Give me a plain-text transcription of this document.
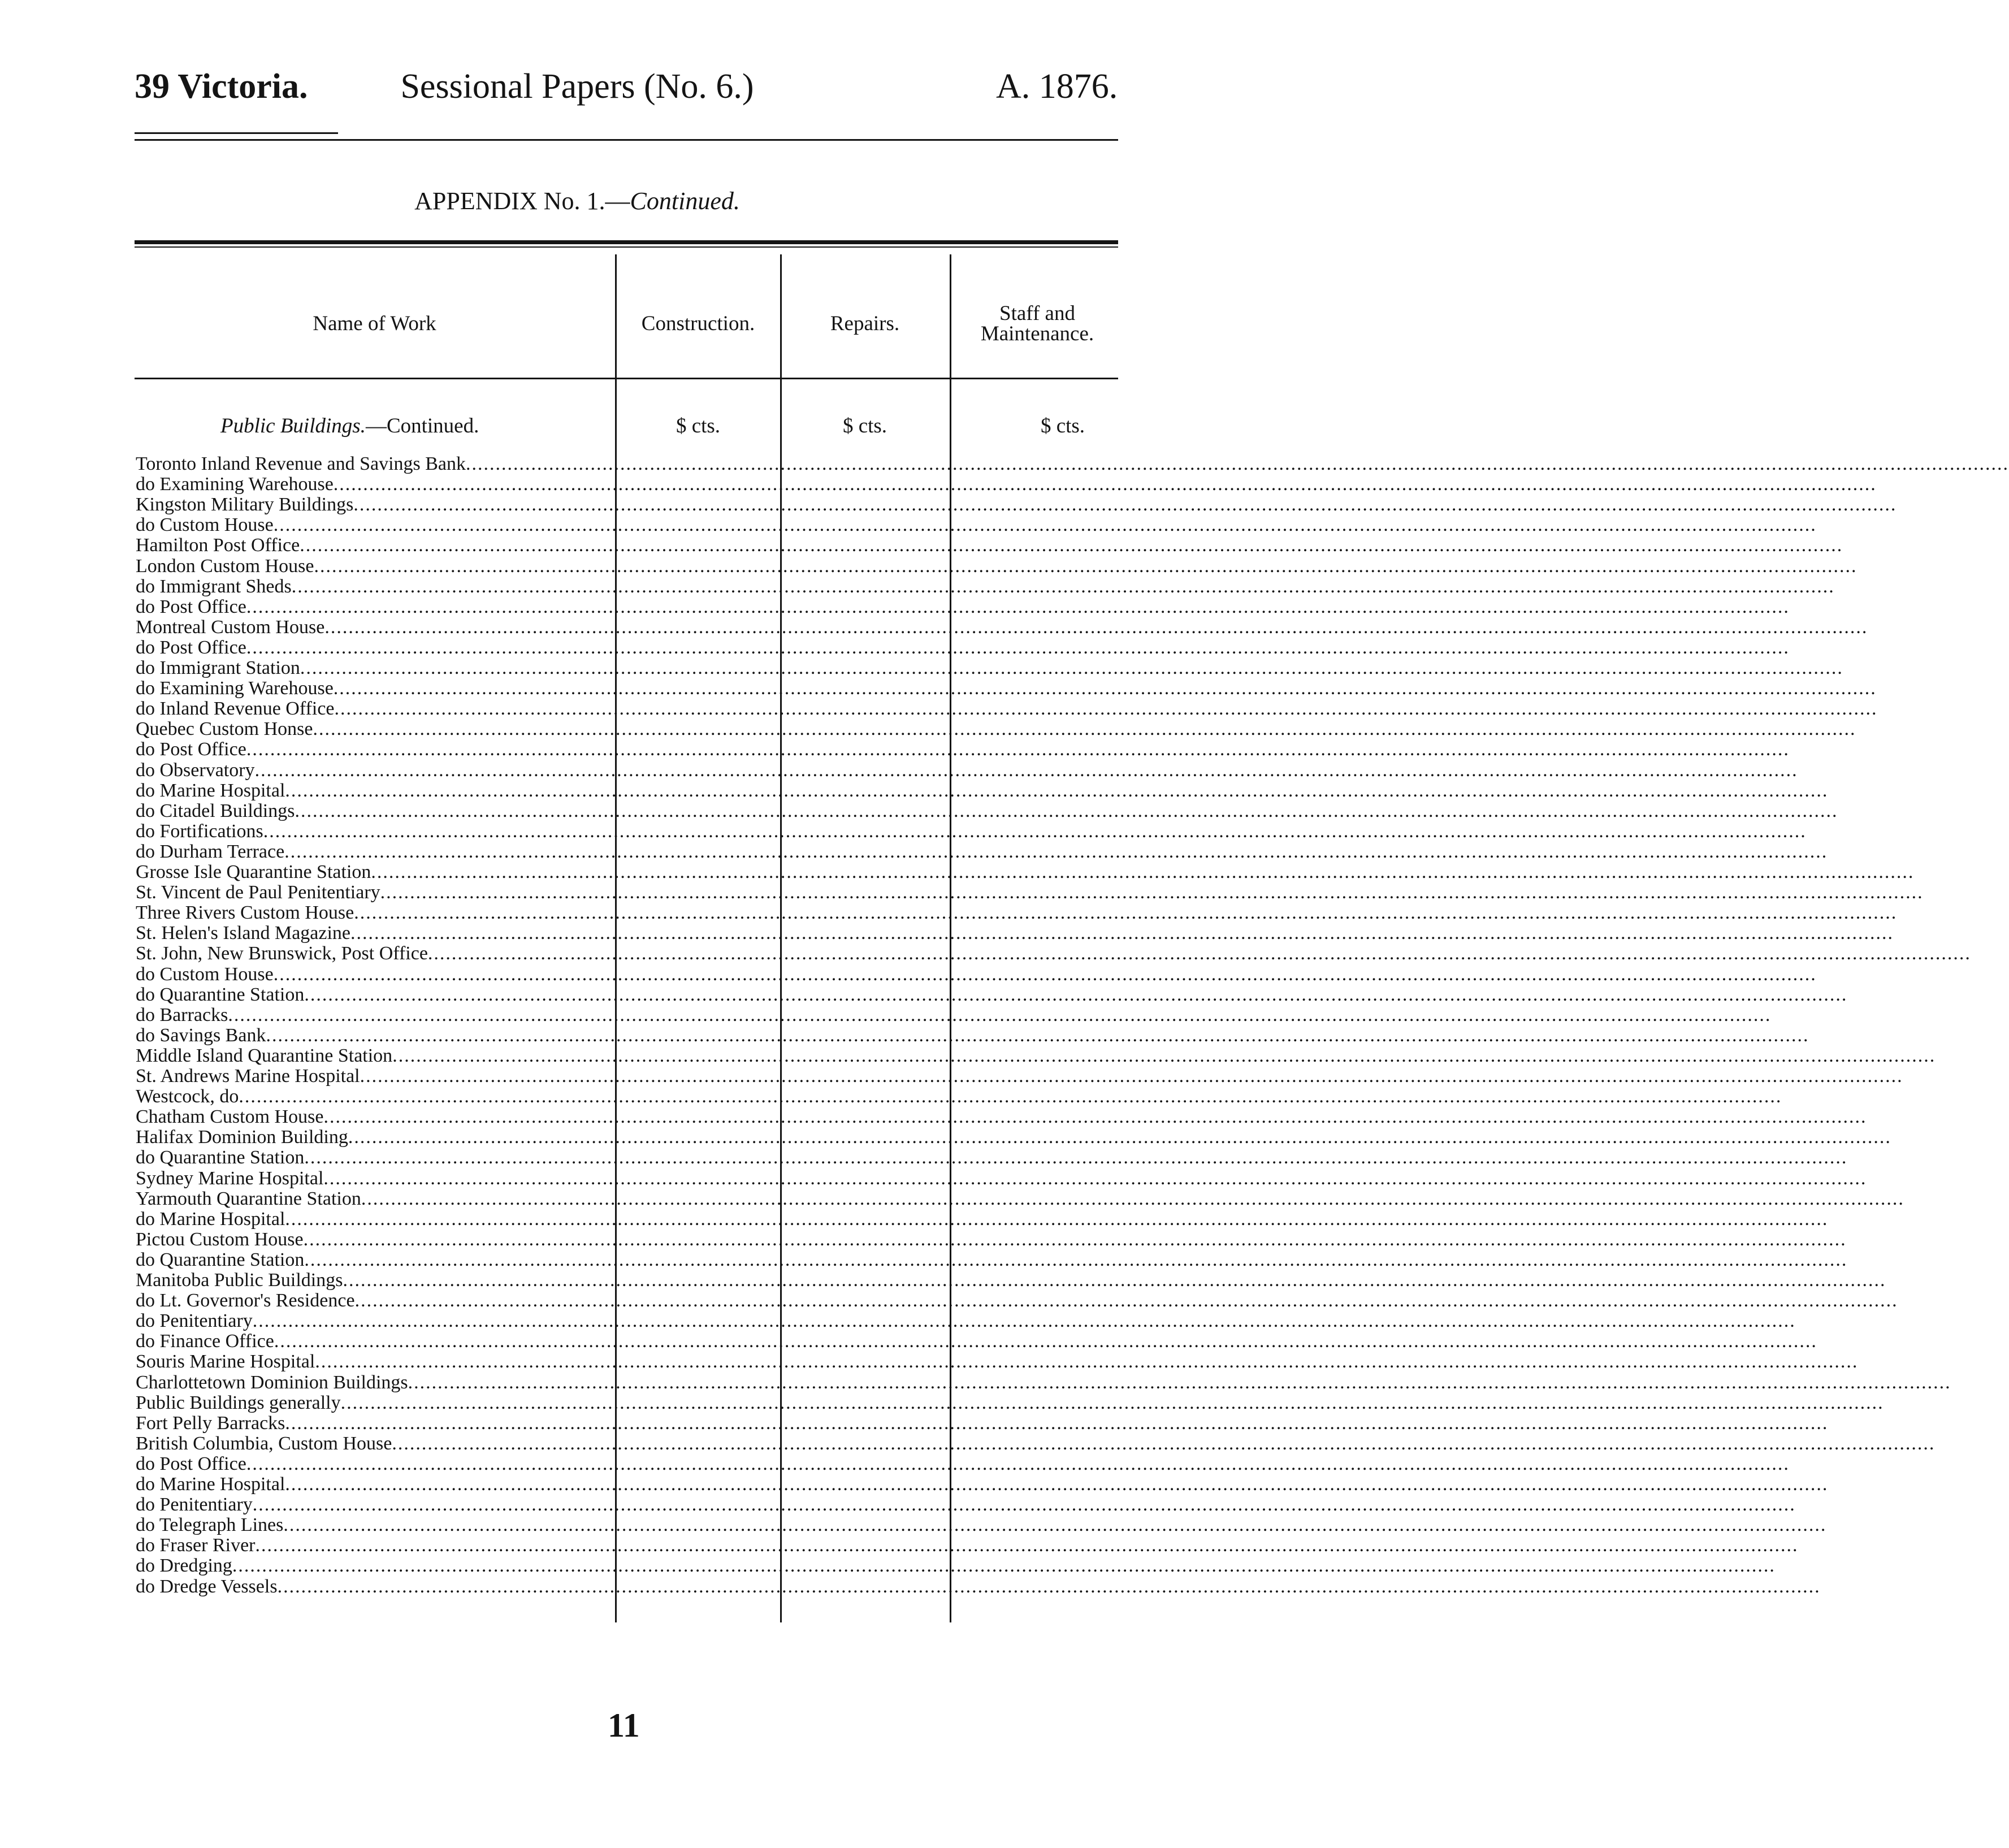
39 Victoria.	Sessional Papers (No. 6.)	A. 1876.
APPENDIX No. 1.—Continued.
Name of Work	Construction.	Repairs.	Staff and
Maintenance.
Public Buildings.—Continued.	$ cts.	$ cts.	$ cts.
Toronto Inland Revenue and Savings Bank....................................................................................................................................................................................................................................................................
do Examining Warehouse....................................................................................................................................................................................................................................................................
Kingston Military Buildings....................................................................................................................................................................................................................................................................
do Custom House....................................................................................................................................................................................................................................................................
Hamilton Post Office....................................................................................................................................................................................................................................................................
London Custom House....................................................................................................................................................................................................................................................................
do Immigrant Sheds....................................................................................................................................................................................................................................................................
do Post Office....................................................................................................................................................................................................................................................................
Montreal Custom House....................................................................................................................................................................................................................................................................
do Post Office....................................................................................................................................................................................................................................................................
do Immigrant Station....................................................................................................................................................................................................................................................................
do Examining Warehouse....................................................................................................................................................................................................................................................................
do Inland Revenue Office....................................................................................................................................................................................................................................................................
Quebec Custom Honse....................................................................................................................................................................................................................................................................
do Post Office....................................................................................................................................................................................................................................................................
do Observatory....................................................................................................................................................................................................................................................................
do Marine Hospital....................................................................................................................................................................................................................................................................
do Citadel Buildings....................................................................................................................................................................................................................................................................
do Fortifications....................................................................................................................................................................................................................................................................
do Durham Terrace....................................................................................................................................................................................................................................................................
Grosse Isle Quarantine Station....................................................................................................................................................................................................................................................................
St. Vincent de Paul Penitentiary....................................................................................................................................................................................................................................................................
Three Rivers Custom House....................................................................................................................................................................................................................................................................
St. Helen's Island Magazine....................................................................................................................................................................................................................................................................
St. John, New Brunswick, Post Office....................................................................................................................................................................................................................................................................
do Custom House....................................................................................................................................................................................................................................................................
do Quarantine Station....................................................................................................................................................................................................................................................................
do Barracks....................................................................................................................................................................................................................................................................
do Savings Bank....................................................................................................................................................................................................................................................................
Middle Island Quarantine Station....................................................................................................................................................................................................................................................................
St. Andrews Marine Hospital....................................................................................................................................................................................................................................................................
Westcock, do....................................................................................................................................................................................................................................................................
Chatham Custom House....................................................................................................................................................................................................................................................................
Halifax Dominion Building....................................................................................................................................................................................................................................................................
do Quarantine Station....................................................................................................................................................................................................................................................................
Sydney Marine Hospital....................................................................................................................................................................................................................................................................
Yarmouth Quarantine Station....................................................................................................................................................................................................................................................................
do Marine Hospital....................................................................................................................................................................................................................................................................
Pictou Custom House....................................................................................................................................................................................................................................................................
do Quarantine Station....................................................................................................................................................................................................................................................................
Manitoba Public Buildings....................................................................................................................................................................................................................................................................
do Lt. Governor's Residence....................................................................................................................................................................................................................................................................
do Penitentiary....................................................................................................................................................................................................................................................................
do Finance Office....................................................................................................................................................................................................................................................................
Souris Marine Hospital....................................................................................................................................................................................................................................................................
Charlottetown Dominion Buildings....................................................................................................................................................................................................................................................................
Public Buildings generally....................................................................................................................................................................................................................................................................
Fort Pelly Barracks....................................................................................................................................................................................................................................................................
British Columbia, Custom House....................................................................................................................................................................................................................................................................
do Post Office....................................................................................................................................................................................................................................................................
do Marine Hospital....................................................................................................................................................................................................................................................................
do Penitentiary....................................................................................................................................................................................................................................................................
do Telegraph Lines....................................................................................................................................................................................................................................................................
do Fraser River....................................................................................................................................................................................................................................................................
do Dredging....................................................................................................................................................................................................................................................................
do Dredge Vessels....................................................................................................................................................................................................................................................................
11
